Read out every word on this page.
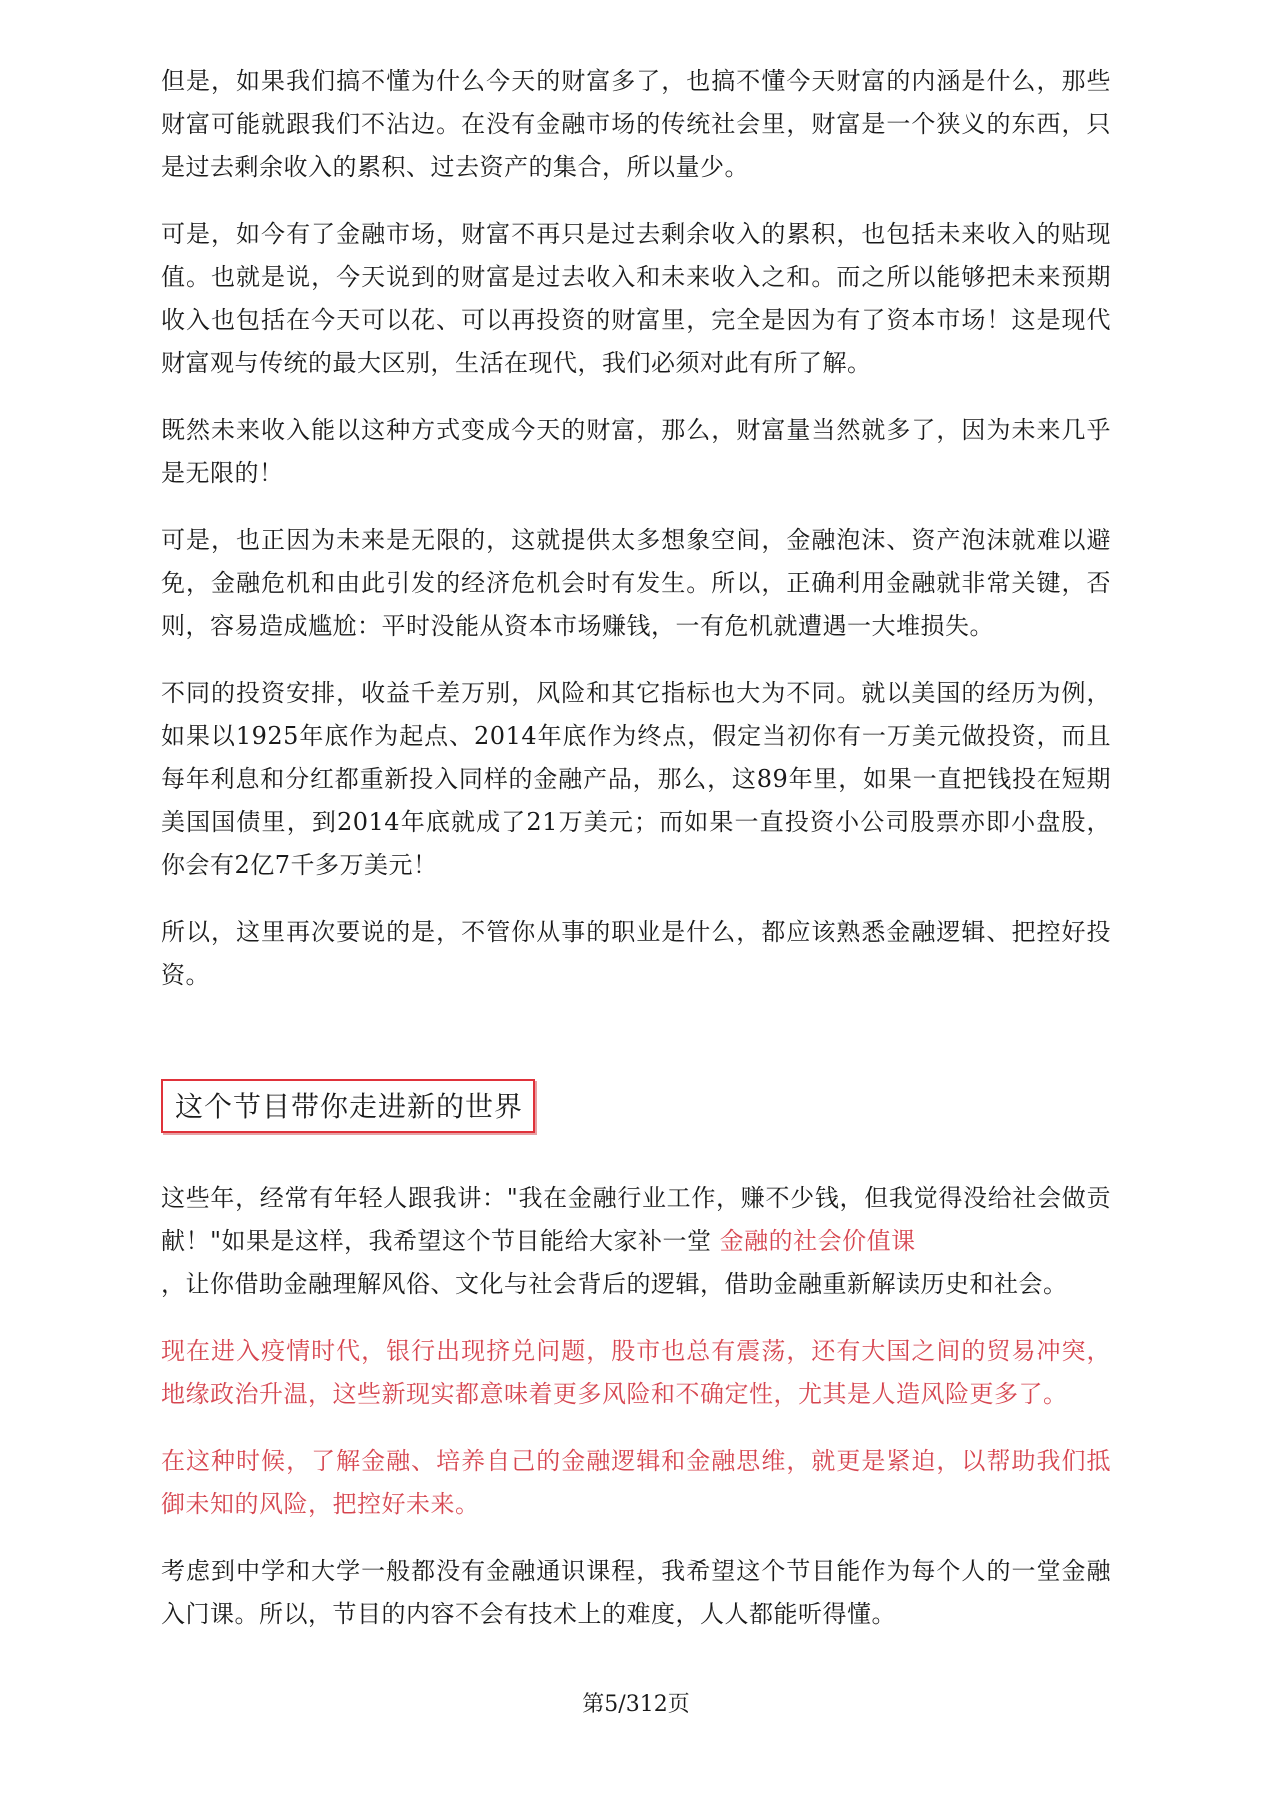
但是，如果我们搞不懂为什么今天的财富多了，也搞不懂今天财富的内涵是什么，那些财富可能就跟我们不沾边。在没有金融市场的传统社会里，财富是一个狭义的东西，只是过去剩余收入的累积、过去资产的集合，所以量少。

可是，如今有了金融市场，财富不再只是过去剩余收入的累积，也包括未来收入的贴现值。也就是说，今天说到的财富是过去收入和未来收入之和。而之所以能够把未来预期收入也包括在今天可以花、可以再投资的财富里，完全是因为有了资本市场！这是现代财富观与传统的最大区别，生活在现代，我们必须对此有所了解。

既然未来收入能以这种方式变成今天的财富，那么，财富量当然就多了，因为未来几乎是无限的！

可是，也正因为未来是无限的，这就提供太多想象空间，金融泡沫、资产泡沫就难以避免，金融危机和由此引发的经济危机会时有发生。所以，正确利用金融就非常关键，否则，容易造成尴尬：平时没能从资本市场赚钱，一有危机就遭遇一大堆损失。

不同的投资安排，收益千差万别，风险和其它指标也大为不同。就以美国的经历为例，如果以1925年底作为起点、2014年底作为终点，假定当初你有一万美元做投资，而且每年利息和分红都重新投入同样的金融产品，那么，这89年里，如果一直把钱投在短期美国国债里，到2014年底就成了21万美元；而如果一直投资小公司股票亦即小盘股，你会有2亿7千多万美元！

所以，这里再次要说的是，不管你从事的职业是什么，都应该熟悉金融逻辑、把控好投资。

这个节目带你走进新的世界

这些年，经常有年轻人跟我讲："我在金融行业工作，赚不少钱，但我觉得没给社会做贡献！"如果是这样，我希望这个节目能给大家补一堂 金融的社会价值课
，让你借助金融理解风俗、文化与社会背后的逻辑，借助金融重新解读历史和社会。

现在进入疫情时代，银行出现挤兑问题，股市也总有震荡，还有大国之间的贸易冲突，地缘政治升温，这些新现实都意味着更多风险和不确定性，尤其是人造风险更多了。

在这种时候，了解金融、培养自己的金融逻辑和金融思维，就更是紧迫，以帮助我们抵御未知的风险，把控好未来。

考虑到中学和大学一般都没有金融通识课程，我希望这个节目能作为每个人的一堂金融入门课。所以，节目的内容不会有技术上的难度，人人都能听得懂。

第5/312页
